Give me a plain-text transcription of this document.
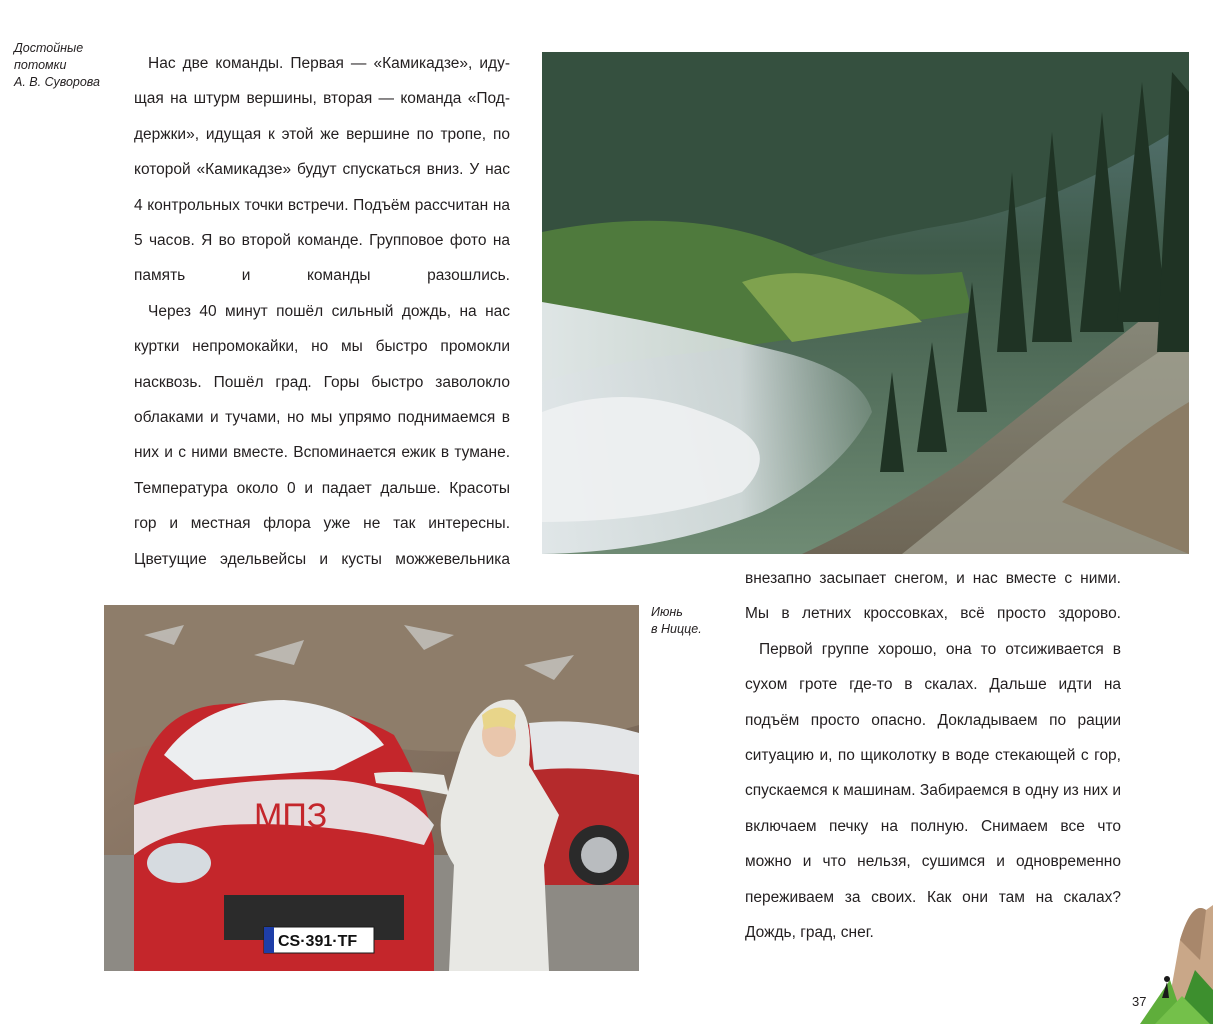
Достойные
потомки
А. В. Суворова

Нас две команды. Первая — «Камикадзе», идущая на штурм вершины, вторая — команда «Поддержки», идущая к этой же вершине по тропе, по которой «Камикадзе» будут спускаться вниз. У нас 4 контрольных точки встречи. Подъём рассчитан на 5 часов. Я во второй команде. Групповое фото на память и команды разошлись.

Через 40 минут пошёл сильный дождь, на нас куртки непромокайки, но мы быстро промокли насквозь. Пошёл град. Горы быстро заволокло облаками и тучами, но мы упрямо поднимаемся в них и с ними вместе. Вспоминается ежик в тумане. Температура около 0 и падает дальше. Красоты гор и местная флора уже не так интересны. Цветущие эдельвейсы и кусты можжевельника

МПЗ
CS·391·TF
Июнь
в Ницце.

внезапно засыпает снегом, и нас вместе с ними. Мы в летних кроссовках, всё просто здорово.

Первой группе хорошо, она то отсиживается в сухом гроте где-то в скалах. Дальше идти на подъём просто опасно. Докладываем по рации ситуацию и, по щиколотку в воде стекающей с гор, спускаемся к машинам. Забираемся в одну из них и включаем печку на полную. Снимаем все что можно и что нельзя, сушимся и одновременно переживаем за своих. Как они там на скалах? Дождь, град, снег.

37
